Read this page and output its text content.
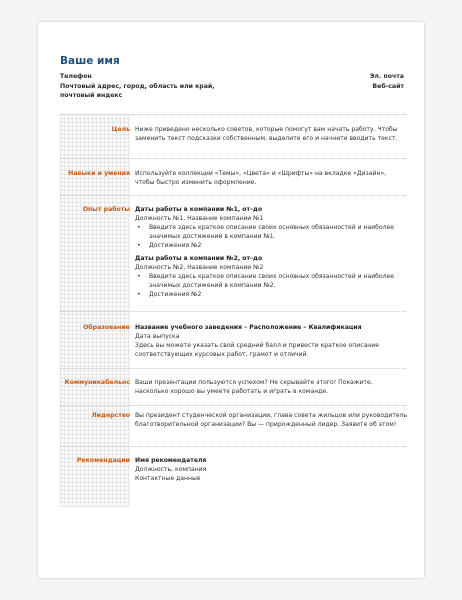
Ваше имя
Телефон
Почтовый адрес, город, область или край,
почтовый индекс
Эл. почта
Веб-сайт
Цель Ниже приведено несколько советов, которые помогут вам начать работу. Чтобы заменить текст подсказки собственным, выделите его и начните вводить текст.
Навыки и умения Используйте коллекции «Темы», «Цвета» и «Шрифты» на вкладке «Дизайн», чтобы быстро изменить оформление.
Опыт работы Даты работы в компании №1, от–до
Должность №1, Название компании №1
• Введите здесь краткое описание своих основных обязанностей и наиболее значимых достижений в компании №1.
• Достижения №2
Даты работы в компании №2, от–до
Должность №2, Название компании №2
• Введите здесь краткое описание своих основных обязанностей и наиболее значимых достижений в компании №2.
• Достижения №2
Образование Название учебного заведения – Расположение – Квалификация
Дата выпуска

Здесь вы можете указать свой средний балл и привести краткое описание соответствующих курсовых работ, грамот и отличий.

Коммуникабельнс Ваши презентации пользуются успехом? Не скрывайте этого! Покажите, насколько хорошо вы умеете работать и играть в команде.
Лидерство Вы президент студенческой организации, глава совета жильцов или руководитель благотворительной организации? Вы — прирожденный лидер. Заявите об этом!
Рекомендации Имя рекомендателя
Должность, компания
Контактные данные
